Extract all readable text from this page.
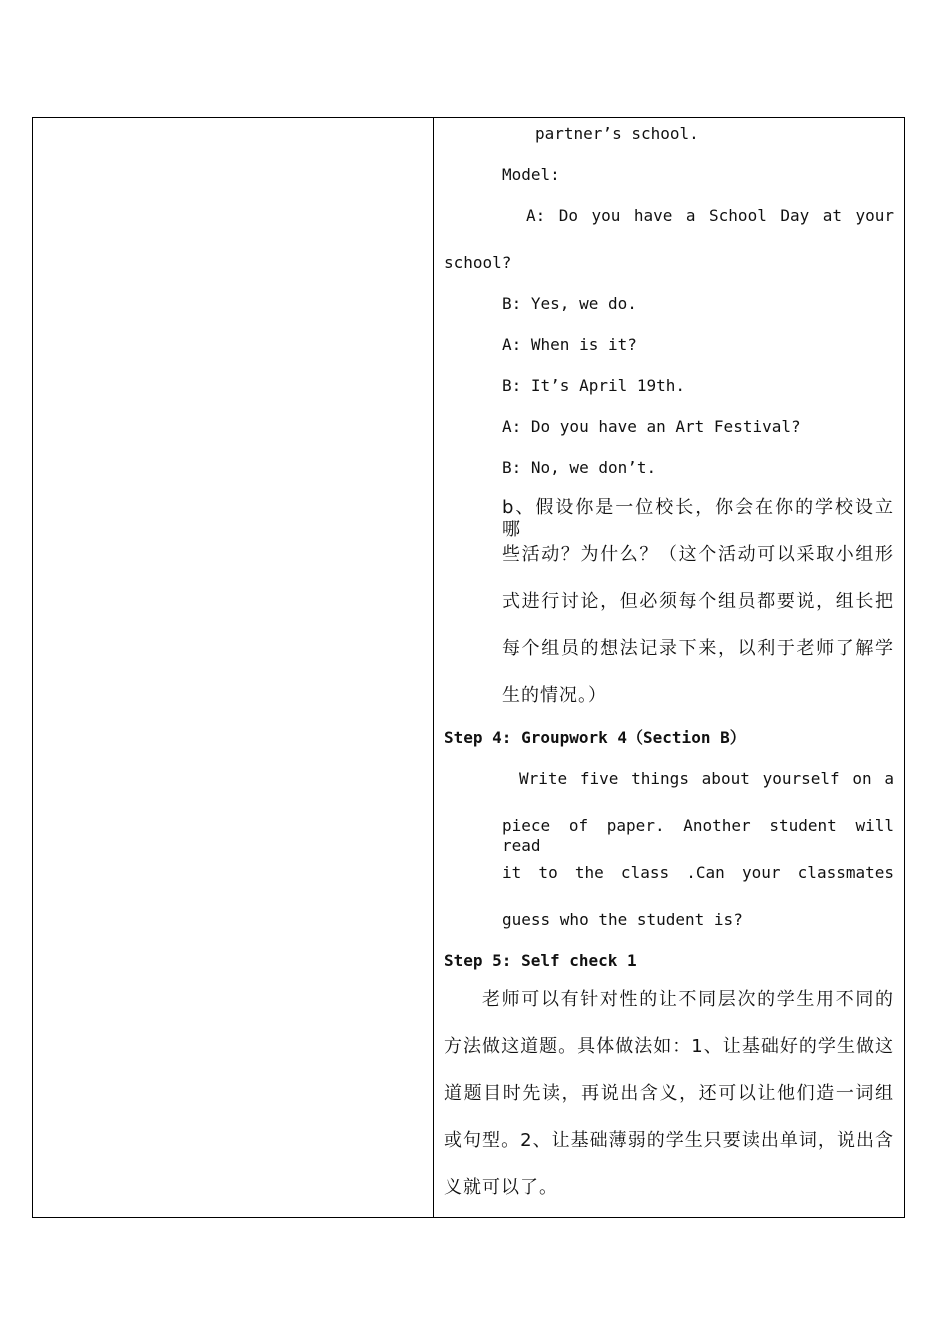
partner’s school.
Model:
A: Do you have a School Day at your
school?
B: Yes, we do.
A: When is it?
B: It’s April 19th.
A: Do you have an Art Festival?
B: No, we don’t.
b、假设你是一位校长，你会在你的学校设立哪
些活动？为什么？（这个活动可以采取小组形
式进行讨论，但必须每个组员都要说，组长把
每个组员的想法记录下来，以利于老师了解学
生的情况。）
Step 4: Groupwork 4（Section B）
Write five things about yourself on a
piece of paper. Another student will read
it to the class .Can your classmates
guess who the student is?
Step 5: Self check 1
老师可以有针对性的让不同层次的学生用不同的
方法做这道题。具体做法如：1、让基础好的学生做这
道题目时先读，再说出含义，还可以让他们造一词组
或句型。2、让基础薄弱的学生只要读出单词，说出含
义就可以了。
